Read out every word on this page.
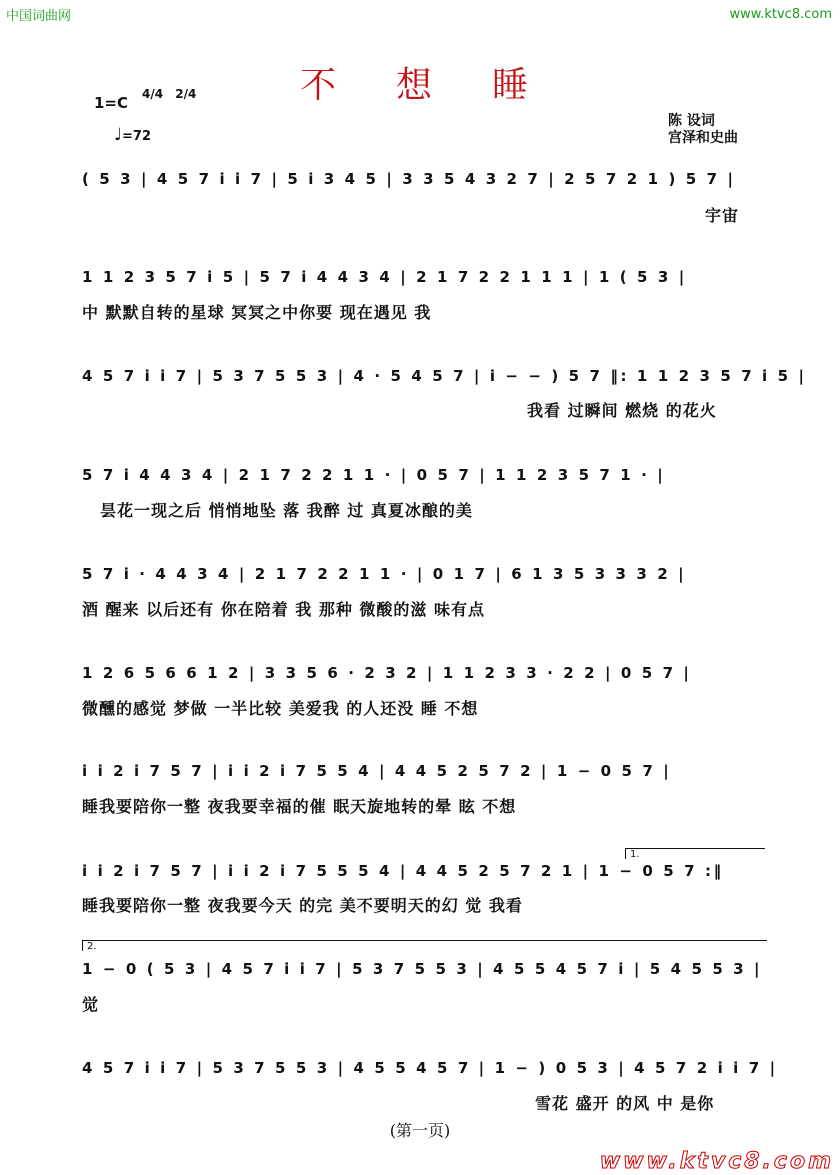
中国词曲网	www.ktvc8.com
不想睡
1=C 4/4 2/4
♩=72
陈 设词
宫泽和史曲
( 5 3 | 4 5 7 i i 7 | 5 i 3 4 5 | 3 3 5 4 3 2 7 | 2 5 7 2 1 ) 5 7 |
宇宙
1 1 2 3 5 7 i 5 | 5 7 i 4 4 3 4 | 2 1 7 2 2 1 1 1 | 1 ( 5 3 |
中 默默自转的星球 冥冥之中你要 现在遇见 我
4 5 7 i i 7 | 5 3 7 5 5 3 | 4 · 5 4 5 7 | i − − ) 5 7 ‖: 1 1 2 3 5 7 i 5 |
我看 过瞬间 燃烧 的花火
5 7 i 4 4 3 4 | 2 1 7 2 2 1 1 · | 0 5 7 | 1 1 2 3 5 7 1 · |
昙花一现之后 悄悄地坠 落 我醉 过 真夏冰酿的美
5 7 i · 4 4 3 4 | 2 1 7 2 2 1 1 · | 0 1 7 | 6 1 3 5 3 3 3 2 |
酒 醒来 以后还有 你在陪着 我 那种 微酸的滋 味有点
1 2 6 5 6 6 1 2 | 3 3 5 6 · 2 3 2 | 1 1 2 3 3 · 2 2 | 0 5 7 |
微醺的感觉 梦做 一半比较 美爱我 的人还没 睡 不想
i i 2 i 7 5 7 | i i 2 i 7 5 5 4 | 4 4 5 2 5 7 2 | 1 − 0 5 7 |
睡我要陪你一整 夜我要幸福的催 眠天旋地转的晕 眩 不想
1.
i i 2 i 7 5 7 | i i 2 i 7 5 5 5 4 | 4 4 5 2 5 7 2 1 | 1 − 0 5 7 :‖
睡我要陪你一整 夜我要今天 的完 美不要明天的幻 觉 我看
2.
1 − 0 ( 5 3 | 4 5 7 i i 7 | 5 3 7 5 5 3 | 4 5 5 4 5 7 i | 5 4 5 5 3 |
觉
4 5 7 i i 7 | 5 3 7 5 5 3 | 4 5 5 4 5 7 | 1 − ) 0 5 3 | 4 5 7 2 i i 7 |
雪花 盛开 的风 中 是你
(第一页)
www.ktvc8.com
